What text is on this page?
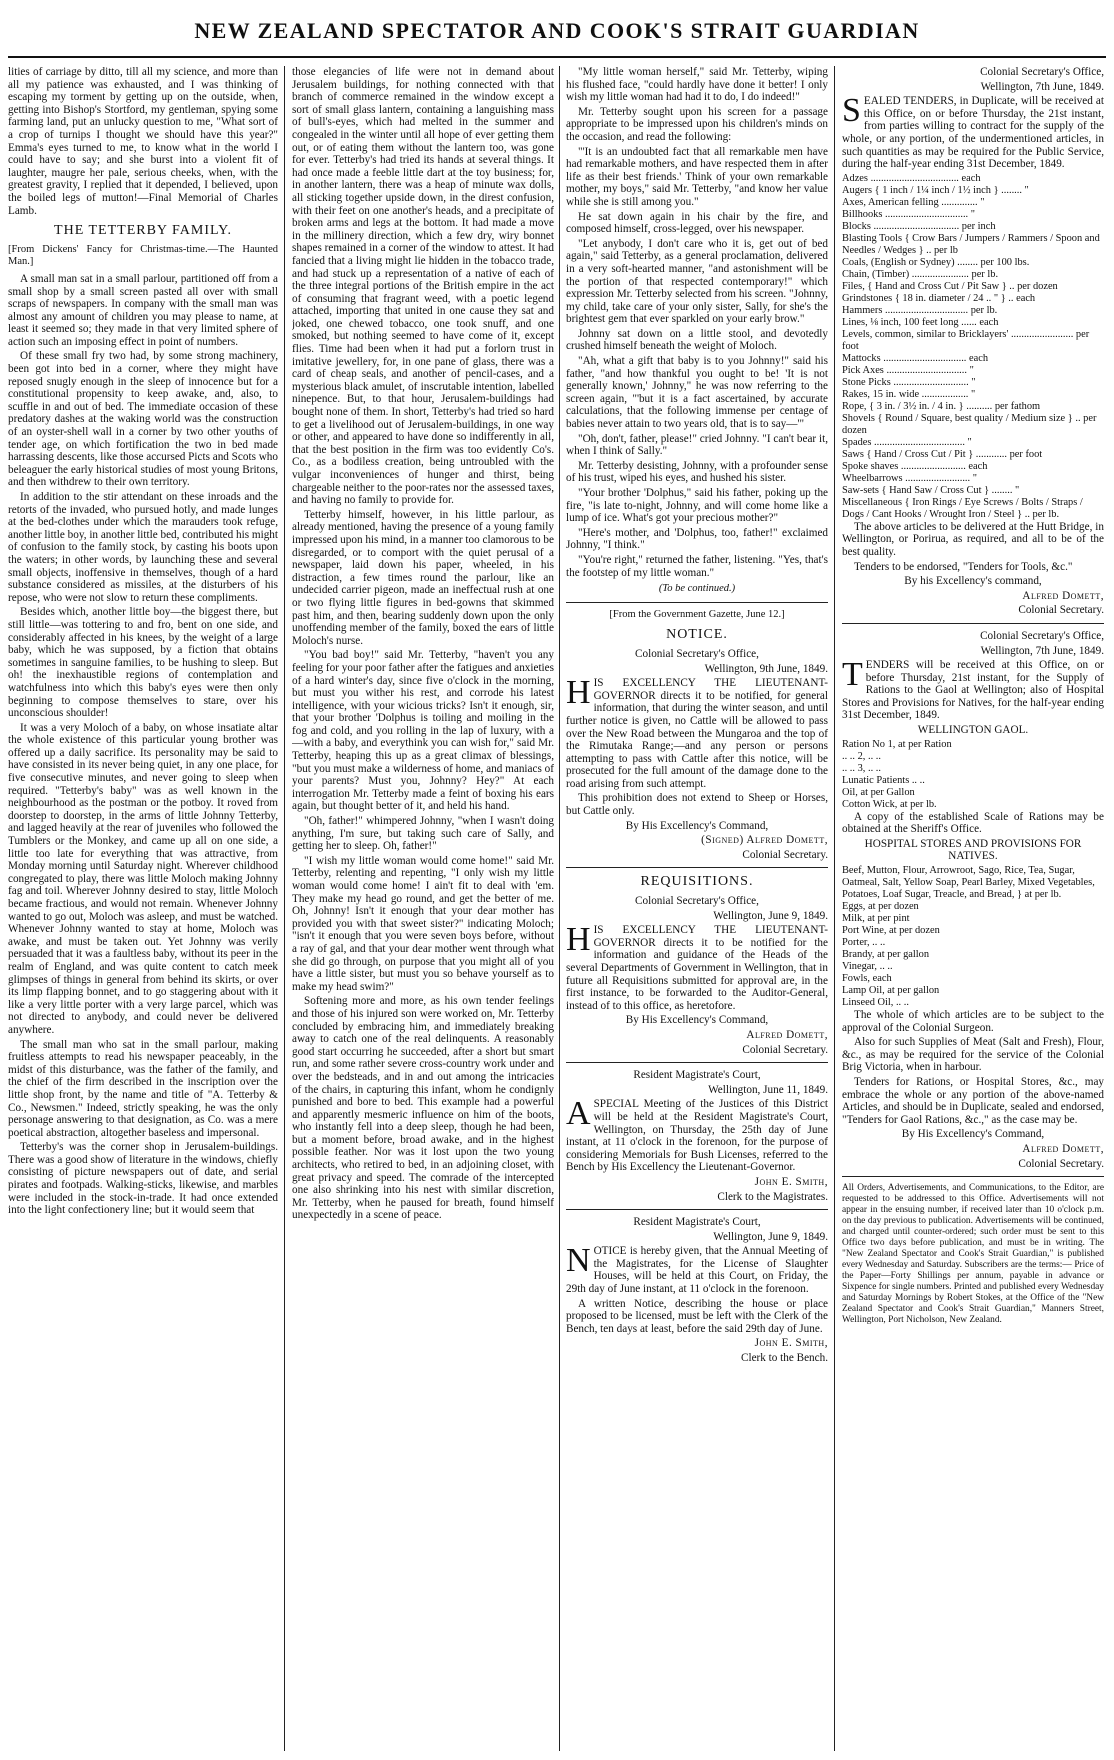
NEW ZEALAND SPECTATOR AND COOK'S STRAIT GUARDIAN

lities of carriage by ditto, till all my science, and more than all my patience was exhausted, and I was thinking of escaping my torment by getting up on the outside, when, getting into Bishop's Stortford, my gentleman, spying some farming land, put an unlucky question to me, "What sort of a crop of turnips I thought we should have this year?" Emma's eyes turned to me, to know what in the world I could have to say; and she burst into a violent fit of laughter, maugre her pale, serious cheeks, when, with the greatest gravity, I replied that it depended, I believed, upon the boiled legs of mutton!—Final Memorial of Charles Lamb.

THE TETTERBY FAMILY.

[From Dickens' Fancy for Christmas-time.—The Haunted Man.]

A small man sat in a small parlour, partitioned off from a small shop by a small screen pasted all over with small scraps of newspapers. In company with the small man was almost any amount of children you may please to name, at least it seemed so; they made in that very limited sphere of action such an imposing effect in point of numbers.

Of these small fry two had, by some strong machinery, been got into bed in a corner, where they might have reposed snugly enough in the sleep of innocence but for a constitutional propensity to keep awake, and, also, to scuffle in and out of bed. The immediate occasion of these predatory dashes at the waking world was the construction of an oyster-shell wall in a corner by two other youths of tender age, on which fortification the two in bed made harrassing descents, like those accursed Picts and Scots who beleaguer the early historical studies of most young Britons, and then withdrew to their own territory.

In addition to the stir attendant on these inroads and the retorts of the invaded, who pursued hotly, and made lunges at the bed-clothes under which the marauders took refuge, another little boy, in another little bed, contributed his might of confusion to the family stock, by casting his boots upon the waters; in other words, by launching these and several small objects, inoffensive in themselves, though of a hard substance considered as missiles, at the disturbers of his repose, who were not slow to return these compliments.

Besides which, another little boy—the biggest there, but still little—was tottering to and fro, bent on one side, and considerably affected in his knees, by the weight of a large baby, which he was supposed, by a fiction that obtains sometimes in sanguine families, to be hushing to sleep. But oh! the inexhaustible regions of contemplation and watchfulness into which this baby's eyes were then only beginning to compose themselves to stare, over his unconscious shoulder!

It was a very Moloch of a baby, on whose insatiate altar the whole existence of this particular young brother was offered up a daily sacrifice. Its personality may be said to have consisted in its never being quiet, in any one place, for five consecutive minutes, and never going to sleep when required. "Tetterby's baby" was as well known in the neighbourhood as the postman or the potboy. It roved from doorstep to doorstep, in the arms of little Johnny Tetterby, and lagged heavily at the rear of juveniles who followed the Tumblers or the Monkey, and came up all on one side, a little too late for everything that was attractive, from Monday morning until Saturday night. Wherever childhood congregated to play, there was little Moloch making Johnny fag and toil. Wherever Johnny desired to stay, little Moloch became fractious, and would not remain. Whenever Johnny wanted to go out, Moloch was asleep, and must be watched. Whenever Johnny wanted to stay at home, Moloch was awake, and must be taken out. Yet Johnny was verily persuaded that it was a faultless baby, without its peer in the realm of England, and was quite content to catch meek glimpses of things in general from behind its skirts, or over its limp flapping bonnet, and to go staggering about with it like a very little porter with a very large parcel, which was not directed to anybody, and could never be delivered anywhere.

The small man who sat in the small parlour, making fruitless attempts to read his newspaper peaceably, in the midst of this disturbance, was the father of the family, and the chief of the firm described in the inscription over the little shop front, by the name and title of "A. Tetterby & Co., Newsmen." Indeed, strictly speaking, he was the only personage answering to that designation, as Co. was a mere poetical abstraction, altogether baseless and impersonal.

Tetterby's was the corner shop in Jerusalem-buildings. There was a good show of literature in the windows, chiefly consisting of picture newspapers out of date, and serial pirates and footpads. Walking-sticks, likewise, and marbles were included in the stock-in-trade. It had once extended into the light confectionery line; but it would seem that

those elegancies of life were not in demand about Jerusalem buildings, for nothing connected with that branch of commerce remained in the window except a sort of small glass lantern, containing a languishing mass of bull's-eyes, which had melted in the summer and congealed in the winter until all hope of ever getting them out, or of eating them without the lantern too, was gone for ever. Tetterby's had tried its hands at several things. It had once made a feeble little dart at the toy business; for, in another lantern, there was a heap of minute wax dolls, all sticking together upside down, in the direst confusion, with their feet on one another's heads, and a precipitate of broken arms and legs at the bottom. It had made a move in the millinery direction, which a few dry, wiry bonnet shapes remained in a corner of the window to attest. It had fancied that a living might lie hidden in the tobacco trade, and had stuck up a representation of a native of each of the three integral portions of the British empire in the act of consuming that fragrant weed, with a poetic legend attached, importing that united in one cause they sat and joked, one chewed tobacco, one took snuff, and one smoked, but nothing seemed to have come of it, except flies. Time had been when it had put a forlorn trust in imitative jewellery, for, in one pane of glass, there was a card of cheap seals, and another of pencil-cases, and a mysterious black amulet, of inscrutable intention, labelled ninepence. But, to that hour, Jerusalem-buildings had bought none of them. In short, Tetterby's had tried so hard to get a livelihood out of Jerusalem-buildings, in one way or other, and appeared to have done so indifferently in all, that the best position in the firm was too evidently Co's. Co., as a bodiless creation, being untroubled with the vulgar inconveniences of hunger and thirst, being chargeable neither to the poor-rates nor the assessed taxes, and having no family to provide for.

Tetterby himself, however, in his little parlour, as already mentioned, having the presence of a young family impressed upon his mind, in a manner too clamorous to be disregarded, or to comport with the quiet perusal of a newspaper, laid down his paper, wheeled, in his distraction, a few times round the parlour, like an undecided carrier pigeon, made an ineffectual rush at one or two flying little figures in bed-gowns that skimmed past him, and then, bearing suddenly down upon the only unoffending member of the family, boxed the ears of little Moloch's nurse.

"You bad boy!" said Mr. Tetterby, "haven't you any feeling for your poor father after the fatigues and anxieties of a hard winter's day, since five o'clock in the morning, but must you wither his rest, and corrode his latest intelligence, with your wicious tricks? Isn't it enough, sir, that your brother 'Dolphus is toiling and moiling in the fog and cold, and you rolling in the lap of luxury, with a—with a baby, and everythink you can wish for," said Mr. Tetterby, heaping this up as a great climax of blessings, "but you must make a wilderness of home, and maniacs of your parents? Must you, Johnny? Hey?" At each interrogation Mr. Tetterby made a feint of boxing his ears again, but thought better of it, and held his hand.

"Oh, father!" whimpered Johnny, "when I wasn't doing anything, I'm sure, but taking such care of Sally, and getting her to sleep. Oh, father!"

"I wish my little woman would come home!" said Mr. Tetterby, relenting and repenting, "I only wish my little woman would come home! I ain't fit to deal with 'em. They make my head go round, and get the better of me. Oh, Johnny! Isn't it enough that your dear mother has provided you with that sweet sister?" indicating Moloch; "isn't it enough that you were seven boys before, without a ray of gal, and that your dear mother went through what she did go through, on purpose that you might all of you have a little sister, but must you so behave yourself as to make my head swim?"

Softening more and more, as his own tender feelings and those of his injured son were worked on, Mr. Tetterby concluded by embracing him, and immediately breaking away to catch one of the real delinquents. A reasonably good start occurring he succeeded, after a short but smart run, and some rather severe cross-country work under and over the bedsteads, and in and out among the intricacies of the chairs, in capturing this infant, whom he condignly punished and bore to bed. This example had a powerful and apparently mesmeric influence on him of the boots, who instantly fell into a deep sleep, though he had been, but a moment before, broad awake, and in the highest possible feather. Nor was it lost upon the two young architects, who retired to bed, in an adjoining closet, with great privacy and speed. The comrade of the intercepted one also shrinking into his nest with similar discretion, Mr. Tetterby, when he paused for breath, found himself unexpectedly in a scene of peace.

"My little woman herself," said Mr. Tetterby, wiping his flushed face, "could hardly have done it better! I only wish my little woman had had it to do, I do indeed!"

Mr. Tetterby sought upon his screen for a passage appropriate to be impressed upon his children's minds on the occasion, and read the following:

"'It is an undoubted fact that all remarkable men have had remarkable mothers, and have respected them in after life as their best friends.' Think of your own remarkable mother, my boys," said Mr. Tetterby, "and know her value while she is still among you."

He sat down again in his chair by the fire, and composed himself, cross-legged, over his newspaper.

"Let anybody, I don't care who it is, get out of bed again," said Tetterby, as a general proclamation, delivered in a very soft-hearted manner, "and astonishment will be the portion of that respected contemporary!" which expression Mr. Tetterby selected from his screen. "Johnny, my child, take care of your only sister, Sally, for she's the brightest gem that ever sparkled on your early brow."

Johnny sat down on a little stool, and devotedly crushed himself beneath the weight of Moloch.

"Ah, what a gift that baby is to you Johnny!" said his father, "and how thankful you ought to be! 'It is not generally known,' Johnny," he was now referring to the screen again, "'but it is a fact ascertained, by accurate calculations, that the following immense per centage of babies never attain to two years old, that is to say—'"

"Oh, don't, father, please!" cried Johnny. "I can't bear it, when I think of Sally."

Mr. Tetterby desisting, Johnny, with a profounder sense of his trust, wiped his eyes, and hushed his sister.

"Your brother 'Dolphus," said his father, poking up the fire, "is late to-night, Johnny, and will come home like a lump of ice. What's got your precious mother?"

"Here's mother, and 'Dolphus, too, father!" exclaimed Johnny, "I think."

"You're right," returned the father, listening. "Yes, that's the footstep of my little woman."

(To be continued.)

[From the Government Gazette, June 12.]

NOTICE.

Colonial Secretary's Office,

Wellington, 9th June, 1849.

HIS EXCELLENCY THE LIEUTENANT-GOVERNOR directs it to be notified, for general information, that during the winter season, and until further notice is given, no Cattle will be allowed to pass over the New Road between the Mungaroa and the top of the Rimutaka Range;—and any person or persons attempting to pass with Cattle after this notice, will be prosecuted for the full amount of the damage done to the road arising from such attempt.

This prohibition does not extend to Sheep or Horses, but Cattle only.

By His Excellency's Command,

(Signed) Alfred Domett,

Colonial Secretary.

REQUISITIONS.

Colonial Secretary's Office,

Wellington, June 9, 1849.

HIS EXCELLENCY THE LIEUTENANT-GOVERNOR directs it to be notified for the information and guidance of the Heads of the several Departments of Government in Wellington, that in future all Requisitions submitted for approval are, in the first instance, to be forwarded to the Auditor-General, instead of to this office, as heretofore.

By His Excellency's Command,

Alfred Domett,

Colonial Secretary.

Resident Magistrate's Court,

Wellington, June 11, 1849.

ASPECIAL Meeting of the Justices of this District will be held at the Resident Magistrate's Court, Wellington, on Thursday, the 25th day of June instant, at 11 o'clock in the forenoon, for the purpose of considering Memorials for Bush Licenses, referred to the Bench by His Excellency the Lieutenant-Governor.

John E. Smith,

Clerk to the Magistrates.

Resident Magistrate's Court,

Wellington, June 9, 1849.

NOTICE is hereby given, that the Annual Meeting of the Magistrates, for the License of Slaughter Houses, will be held at this Court, on Friday, the 29th day of June instant, at 11 o'clock in the forenoon.

A written Notice, describing the house or place proposed to be licensed, must be left with the Clerk of the Bench, ten days at least, before the said 29th day of June.

John E. Smith,

Clerk to the Bench.

Colonial Secretary's Office,

Wellington, 7th June, 1849.

SEALED TENDERS, in Duplicate, will be received at this Office, on or before Thursday, the 21st instant, from parties willing to contract for the supply of the whole, or any portion, of the undermentioned articles, in such quantities as may be required for the Public Service, during the half-year ending 31st December, 1849.

Adzes .................................. each

Augers { 1 inch / 1¼ inch / 1½ inch } ........ "

Axes, American felling .............. "

Billhooks ................................ "

Blocks ................................. per inch

Blasting Tools { Crow Bars / Jumpers / Rammers / Spoon and Needles / Wedges } .. per lb

Coals, (English or Sydney) ........ per 100 lbs.

Chain, (Timber) ...................... per lb.

Files, { Hand and Cross Cut / Pit Saw } .. per dozen

Grindstones { 18 in. diameter / 24 .. " } .. each

Hammers ................................ per lb.

Lines, ⅛ inch, 100 feet long ...... each

Levels, common, similar to Bricklayers' ........................ per foot

Mattocks ................................ each

Pick Axes ............................... "

Stone Picks ............................. "

Rakes, 15 in. wide .................. "

Rope, { 3 in. / 3½ in. / 4 in. } .......... per fathom

Shovels { Round / Square, best quality / Medium size } .. per dozen

Spades ................................... "

Saws { Hand / Cross Cut / Pit } ............ per foot

Spoke shaves ......................... each

Wheelbarrows ......................... "

Saw-sets { Hand Saw / Cross Cut } ........ "

Miscellaneous { Iron Rings / Eye Screws / Bolts / Straps / Dogs / Cant Hooks / Wrought Iron / Steel } .. per lb.

The above articles to be delivered at the Hutt Bridge, in Wellington, or Porirua, as required, and all to be of the best quality.

Tenders to be endorsed, "Tenders for Tools, &c."

By his Excellency's command,

Alfred Domett,

Colonial Secretary.

Colonial Secretary's Office,

Wellington, 7th June, 1849.

TENDERS will be received at this Office, on or before Thursday, 21st instant, for the Supply of Rations to the Gaol at Wellington; also of Hospital Stores and Provisions for Natives, for the half-year ending 31st December, 1849.

WELLINGTON GAOL.

Ration No 1, at per Ration

.. .. 2, .. ..

.. .. 3, .. ..

Lunatic Patients .. ..

Oil, at per Gallon

Cotton Wick, at per lb.

A copy of the established Scale of Rations may be obtained at the Sheriff's Office.

HOSPITAL STORES AND PROVISIONS FOR NATIVES.

Beef, Mutton, Flour, Arrowroot, Sago, Rice, Tea, Sugar, Oatmeal, Salt, Yellow Soap, Pearl Barley, Mixed Vegetables, Potatoes, Loaf Sugar, Treacle, and Bread, } at per lb.

Eggs, at per dozen

Milk, at per pint

Port Wine, at per dozen

Porter, .. ..

Brandy, at per gallon

Vinegar, .. ..

Fowls, each

Lamp Oil, at per gallon

Linseed Oil, .. ..

The whole of which articles are to be subject to the approval of the Colonial Surgeon.

Also for such Supplies of Meat (Salt and Fresh), Flour, &c., as may be required for the service of the Colonial Brig Victoria, when in harbour.

Tenders for Rations, or Hospital Stores, &c., may embrace the whole or any portion of the above-named Articles, and should be in Duplicate, sealed and endorsed, "Tenders for Gaol Rations, &c.," as the case may be.

By His Excellency's Command,

Alfred Domett,

Colonial Secretary.

All Orders, Advertisements, and Communications, to the Editor, are requested to be addressed to this Office. Advertisements will not appear in the ensuing number, if received later than 10 o'clock p.m. on the day previous to publication. Advertisements will be continued, and charged until counter-ordered; such order must be sent to this Office two days before publication, and must be in writing. The "New Zealand Spectator and Cook's Strait Guardian," is published every Wednesday and Saturday. Subscribers are the terms:— Price of the Paper—Forty Shillings per annum, payable in advance or Sixpence for single numbers. Printed and published every Wednesday and Saturday Mornings by Robert Stokes, at the Office of the "New Zealand Spectator and Cook's Strait Guardian," Manners Street, Wellington, Port Nicholson, New Zealand.
